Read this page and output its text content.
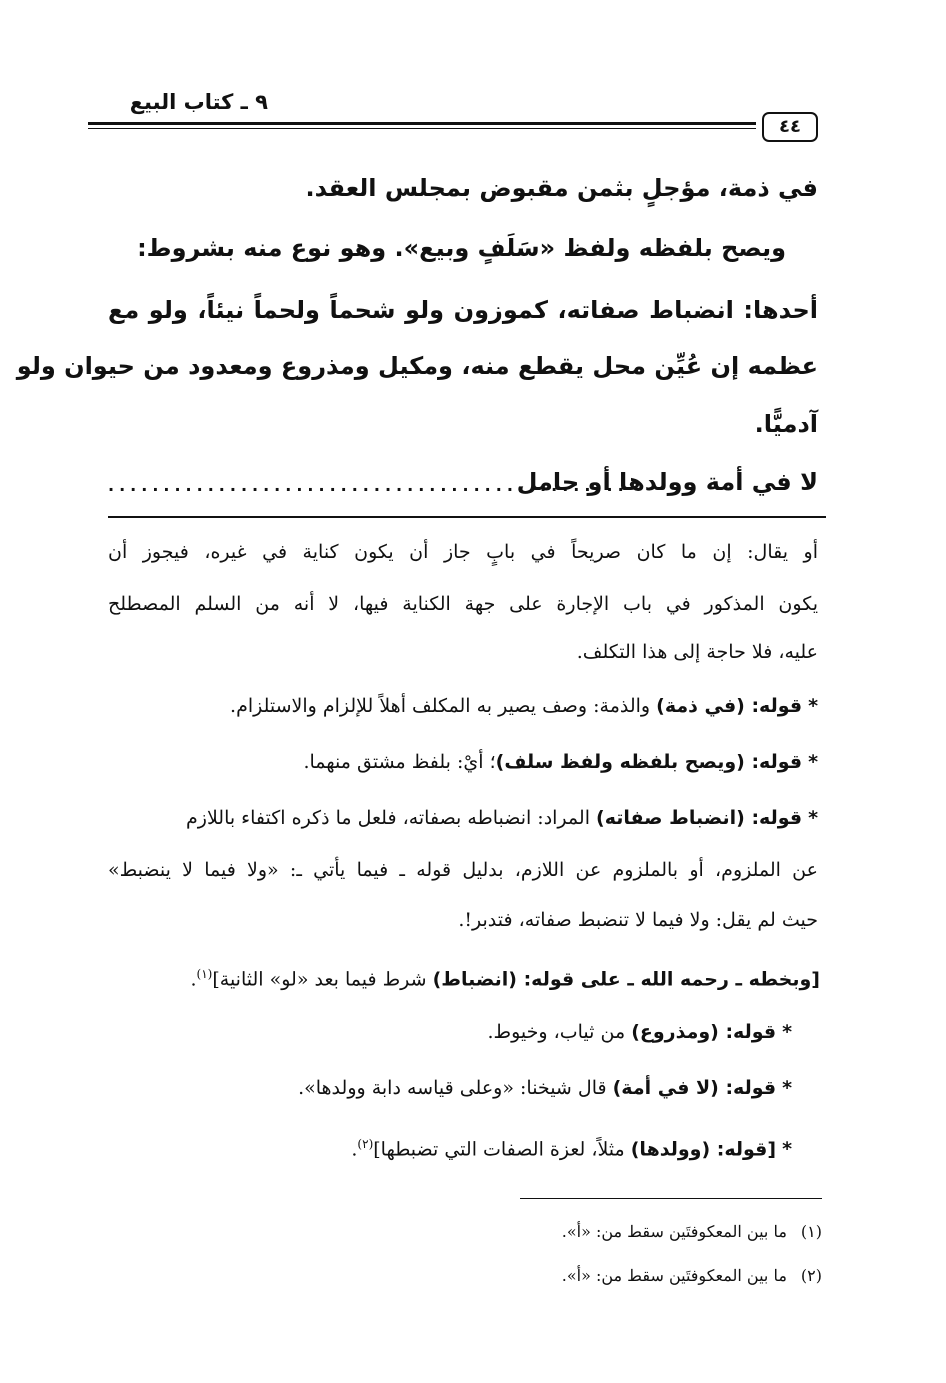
٩ ـ كتاب البيع
٤٤
في ذمة، مؤجلٍ بثمن مقبوض بمجلس العقد.
ويصح بلفظه ولفظ «سَلَفٍ وبيع». وهو نوع منه بشروط:
أحدها: انضباط صفاته، كموزون ولو شحماً ولحماً نيئاً، ولو مع
عظمه إن عُيِّن محل يقطع منه، ومكيل ومذروع ومعدود من حيوان ولو
آدميًّا.
لا في أمة وولدها أو حامل
...............................................
أو يقال: إن ما كان صريحاً في بابٍ جاز أن يكون كناية في غيره، فيجوز أن
يكون المذكور في باب الإجارة على جهة الكناية فيها، لا أنه من السلم المصطلح
عليه، فلا حاجة إلى هذا التكلف.
*قوله: (في ذمة) والذمة: وصف يصير به المكلف أهلاً للإلزام والاستلزام.
*قوله: (ويصح بلفظه ولفظ سلف)؛ أيْ: بلفظ مشتق منهما.
*قوله: (انضباط صفاته) المراد: انضباطه بصفاته، فلعل ما ذكره اكتفاء باللازم
عن الملزوم، أو بالملزوم عن اللازم، بدليل قوله ـ فيما يأتي ـ: «ولا فيما لا ينضبط»
حيث لم يقل: ولا فيما لا تنضبط صفاته، فتدبر!.
[وبخطه ـ رحمه الله ـ على قوله: (انضباط) شرط فيما بعد «لو» الثانية]$^{(١)}$.
*قوله: (ومذروع) من ثياب، وخيوط.
*قوله: (لا في أمة) قال شيخنا: «وعلى قياسه دابة وولدها».
*[قوله: (وولدها) مثلاً، لعزة الصفات التي تضبطها]$^{(٢)}$.
(١)ما بين المعكوفتَين سقط من: «أ».
(٢)ما بين المعكوفتَين سقط من: «أ».
